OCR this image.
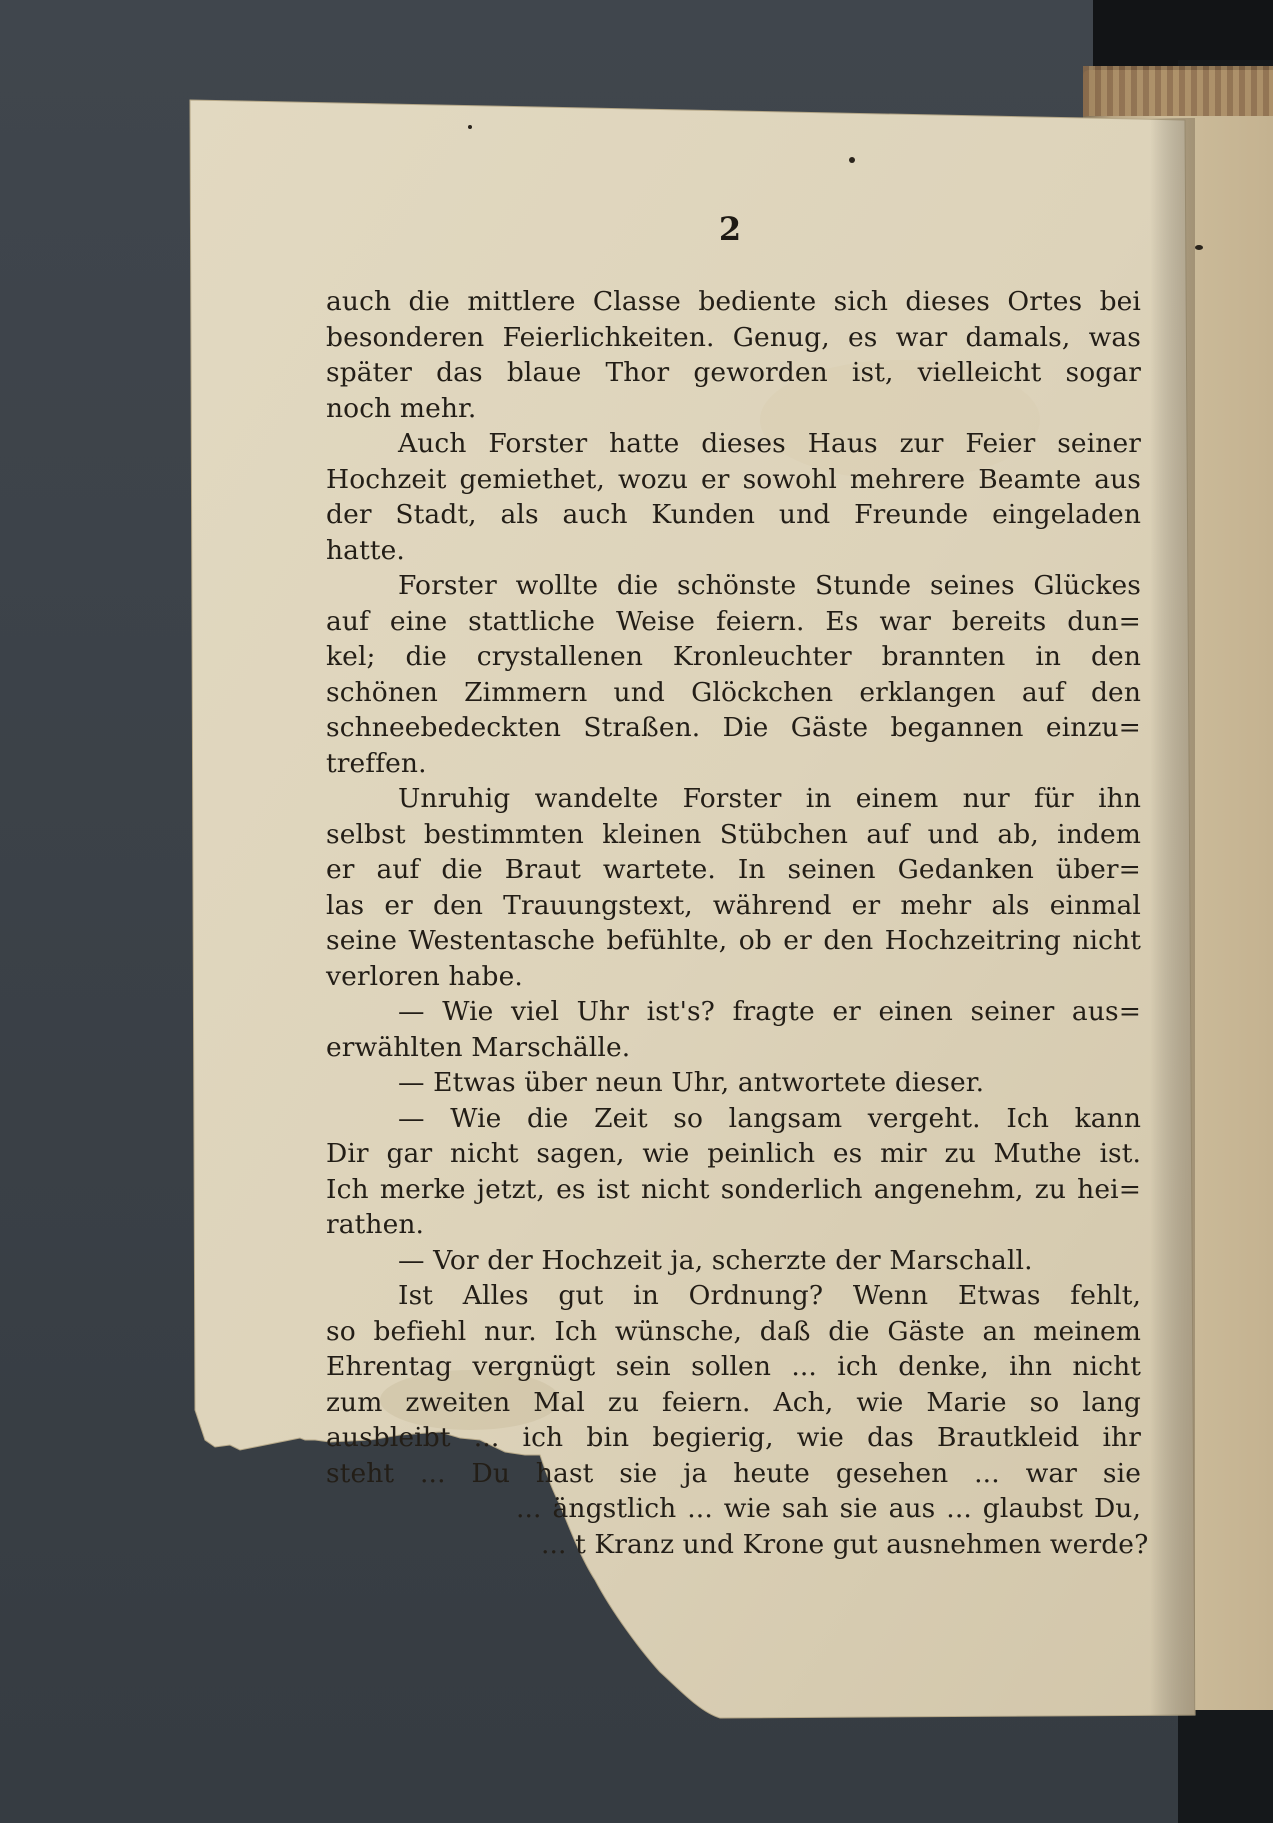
2
auch die mittlere Classe bediente sich dieses Ortes bei
besonderen Feierlichkeiten. Genug, es war damals, was
später das blaue Thor geworden ist, vielleicht sogar
noch mehr.
Auch Forster hatte dieses Haus zur Feier seiner
Hochzeit gemiethet, wozu er sowohl mehrere Beamte aus
der Stadt, als auch Kunden und Freunde eingeladen
hatte.
Forster wollte die schönste Stunde seines Glückes
auf eine stattliche Weise feiern. Es war bereits dun=
kel; die crystallenen Kronleuchter brannten in den
schönen Zimmern und Glöckchen erklangen auf den
schneebedeckten Straßen. Die Gäste begannen einzu=
treffen.
Unruhig wandelte Forster in einem nur für ihn
selbst bestimmten kleinen Stübchen auf und ab, indem
er auf die Braut wartete. In seinen Gedanken über=
las er den Trauungstext, während er mehr als einmal
seine Westentasche befühlte, ob er den Hochzeitring nicht
verloren habe.
— Wie viel Uhr ist's? fragte er einen seiner aus=
erwählten Marschälle.
— Etwas über neun Uhr, antwortete dieser.
— Wie die Zeit so langsam vergeht. Ich kann
Dir gar nicht sagen, wie peinlich es mir zu Muthe ist.
Ich merke jetzt, es ist nicht sonderlich angenehm, zu hei=
rathen.
— Vor der Hochzeit ja, scherzte der Marschall.
Ist Alles gut in Ordnung? Wenn Etwas fehlt,
so befiehl nur. Ich wünsche, daß die Gäste an meinem
Ehrentag vergnügt sein sollen ... ich denke, ihn nicht
zum zweiten Mal zu feiern. Ach, wie Marie so lang
ausbleibt ... ich bin begierig, wie das Brautkleid ihr
steht ... Du hast sie ja heute gesehen ... war sie
... ängstlich ... wie sah sie aus ... glaubst Du,
... t Kranz und Krone gut ausnehmen werde?
